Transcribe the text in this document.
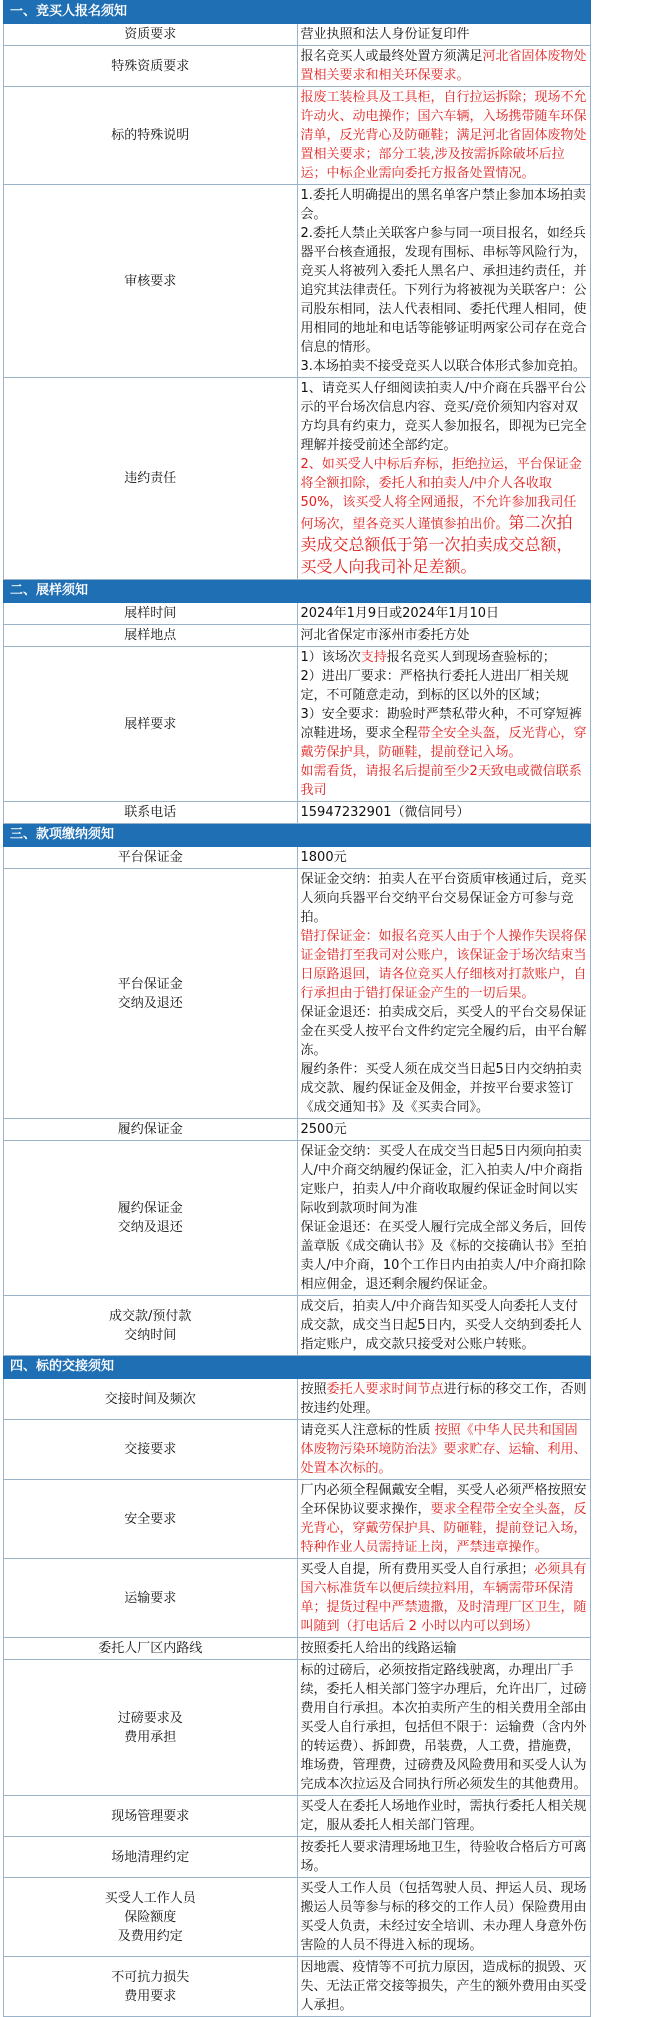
一、竞买人报名须知	
资质要求	营业执照和法人身份证复印件

特殊资质要求	报名竞买人或最终处置方须满足河北省固体废物处置相关要求和相关环保要求。

标的特殊说明	报废工装检具及工具柜，自行拉运拆除；现场不允许动火、动电操作；国六车辆，入场携带随车环保清单，反光背心及防砸鞋；满足河北省固体废物处置相关要求；部分工装,涉及按需拆除破坏后拉运；中标企业需向委托方报备处置情况。

审核要求	1.委托人明确提出的黑名单客户禁止参加本场拍卖会。
2.委托人禁止关联客户参与同一项目报名，如经兵器平台核查通报，发现有围标、串标等风险行为，竞买人将被列入委托人黑名户、承担违约责任，并追究其法律责任。下列行为将被视为关联客户：公司股东相同，法人代表相同、委托代理人相同，使用相同的地址和电话等能够证明两家公司存在竞合信息的情形。
3.本场拍卖不接受竞买人以联合体形式参加竞拍。

违约责任	1、请竞买人仔细阅读拍卖人/中介商在兵器平台公示的平台场次信息内容、竞买/竞价须知内容对双方均具有约束力，竞买人参加报名，即视为已完全理解并接受前述全部约定。
2、如买受人中标后弃标，拒绝拉运，平台保证金将全额扣除，委托人和拍卖人/中介人各收取50%，该买受人将全网通报，不允许参加我司任何场次，望各竞买人谨慎参拍出价。第二次拍卖成交总额低于第一次拍卖成交总额，买受人向我司补足差额。

二、展样须知	
展样时间	2024年1月9日或2024年1月10日

展样地点	河北省保定市涿州市委托方处

展样要求	1）该场次支持报名竞买人到现场查验标的；
2）进出厂要求：严格执行委托人进出厂相关规定，不可随意走动，到标的区以外的区域；
3）安全要求：勘验时严禁私带火种，不可穿短裤凉鞋进场，要求全程带全安全头盔，反光背心，穿戴劳保护具，防砸鞋，提前登记入场。
如需看货，请报名后提前至少2天致电或微信联系我司

联系电话	15947232901（微信同号）

三、款项缴纳须知	
平台保证金	1800元

平台保证金
交纳及退还	保证金交纳：拍卖人在平台资质审核通过后，竞买人须向兵器平台交纳平台交易保证金方可参与竞拍。
错打保证金：如报名竞买人由于个人操作失误将保证金错打至我司对公账户，该保证金于场次结束当日原路退回，请各位竞买人仔细核对打款账户，自行承担由于错打保证金产生的一切后果。
保证金退还：拍卖成交后，买受人的平台交易保证金在买受人按平台文件约定完全履约后，由平台解冻。
履约条件：买受人须在成交当日起5日内交纳拍卖成交款、履约保证金及佣金，并按平台要求签订《成交通知书》及《买卖合同》。

履约保证金	2500元

履约保证金
交纳及退还	保证金交纳：买受人在成交当日起5日内须向拍卖人/中介商交纳履约保证金，汇入拍卖人/中介商指定账户，拍卖人/中介商收取履约保证金时间以实际收到款项时间为准
保证金退还：在买受人履行完成全部义务后，回传盖章版《成交确认书》及《标的交接确认书》至拍卖人/中介商，10个工作日内由拍卖人/中介商扣除相应佣金，退还剩余履约保证金。

成交款/预付款
交纳时间	成交后，拍卖人/中介商告知买受人向委托人支付成交款，成交当日起5日内，买受人交纳到委托人指定账户，成交款只接受对公账户转账。

四、标的交接须知	
交接时间及频次	按照委托人要求时间节点进行标的移交工作，否则按违约处理。

交接要求	请竞买人注意标的性质 按照《中华人民共和国固体废物污染环境防治法》要求贮存、运输、利用、处置本次标的。

安全要求	厂内必须全程佩戴安全帽，买受人必须严格按照安全环保协议要求操作，要求全程带全安全头盔，反光背心，穿戴劳保护具、防砸鞋，提前登记入场，特种作业人员需持证上岗，严禁违章操作。

运输要求	买受人自提，所有费用买受人自行承担；必须具有国六标准货车以便后续拉料用，车辆需带环保清单；提货过程中严禁遗撒，及时清理厂区卫生，随叫随到（打电话后 2 小时以内可以到场）

委托人厂区内路线	按照委托人给出的线路运输

过磅要求及
费用承担	标的过磅后，必须按指定路线驶离，办理出厂手续，委托人相关部门签字办理后，允许出厂，过磅费用自行承担。本次拍卖所产生的相关费用全部由买受人自行承担，包括但不限于：运输费（含内外的转运费）、拆卸费，吊装费，人工费，措施费，堆场费，管理费，过磅费及风险费用和买受人认为完成本次拉运及合同执行所必须发生的其他费用。

现场管理要求	买受人在委托人场地作业时，需执行委托人相关规定，服从委托人相关部门管理。

场地清理约定	按委托人要求清理场地卫生，待验收合格后方可离场。

买受人工作人员
保险额度
及费用约定	买受人工作人员（包括驾驶人员、押运人员、现场搬运人员等参与标的移交的工作人员）保险费用由买受人负责，未经过安全培训、未办理人身意外伤害险的人员不得进入标的现场。

不可抗力损失
费用要求	因地震、疫情等不可抗力原因，造成标的损毁、灭失、无法正常交接等损失，产生的额外费用由买受人承担。
